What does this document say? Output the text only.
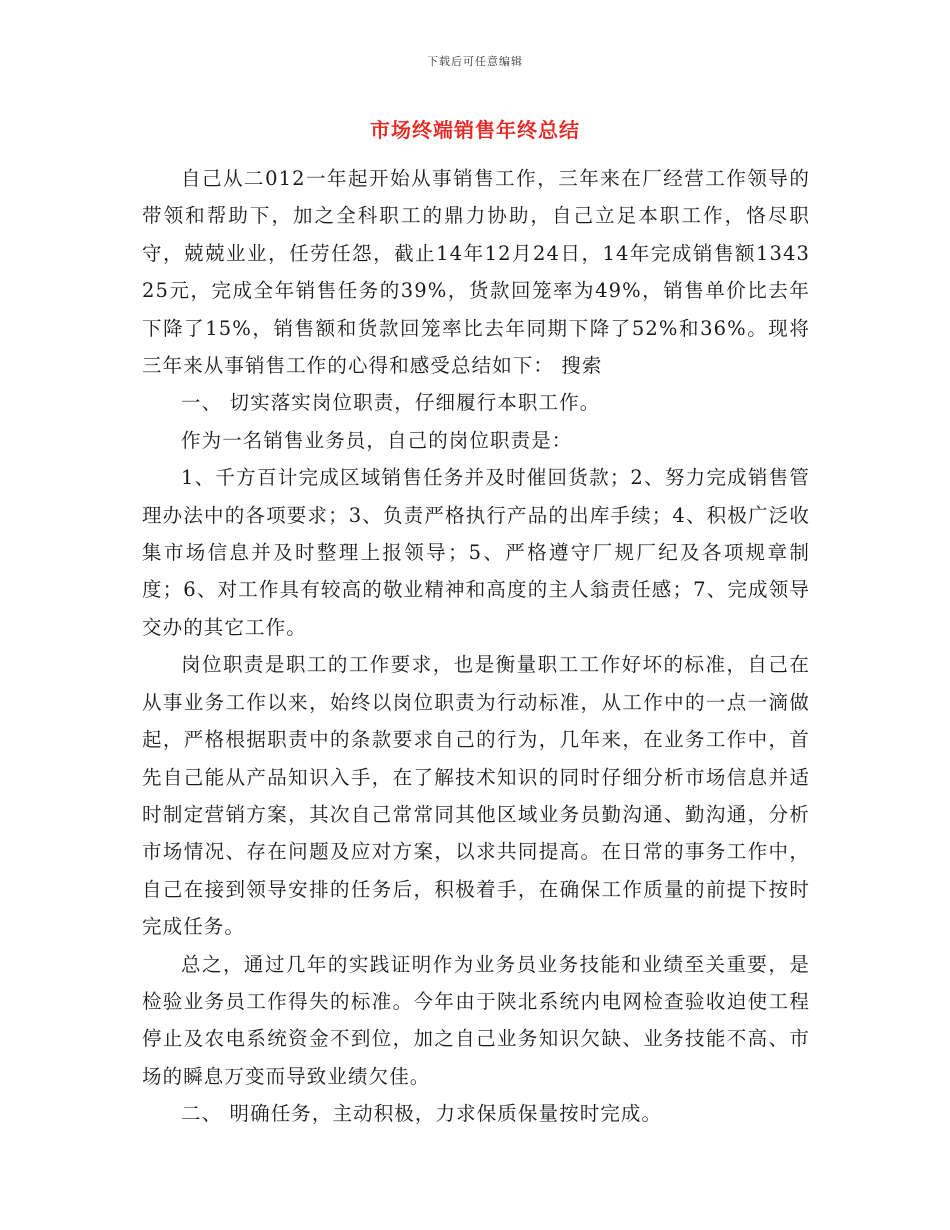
下载后可任意编辑
市场终端销售年终总结

自己从二012一年起开始从事销售工作，三年来在厂经营工作领导的带领和帮助下，加之全科职工的鼎力协助，自己立足本职工作，恪尽职守，兢兢业业，任劳任怨，截止14年12月24日，14年完成销售额134325元，完成全年销售任务的39%，货款回笼率为49%，销售单价比去年下降了15%，销售额和货款回笼率比去年同期下降了52%和36%。现将三年来从事销售工作的心得和感受总结如下： 搜索

一、 切实落实岗位职责，仔细履行本职工作。

作为一名销售业务员，自己的岗位职责是：

1、千方百计完成区域销售任务并及时催回货款；2、努力完成销售管理办法中的各项要求；3、负责严格执行产品的出库手续；4、积极广泛收集市场信息并及时整理上报领导；5、严格遵守厂规厂纪及各项规章制度；6、对工作具有较高的敬业精神和高度的主人翁责任感；7、完成领导交办的其它工作。

岗位职责是职工的工作要求，也是衡量职工工作好坏的标准，自己在从事业务工作以来，始终以岗位职责为行动标准，从工作中的一点一滴做起，严格根据职责中的条款要求自己的行为，几年来，在业务工作中，首先自己能从产品知识入手，在了解技术知识的同时仔细分析市场信息并适时制定营销方案，其次自己常常同其他区域业务员勤沟通、勤沟通，分析市场情况、存在问题及应对方案，以求共同提高。在日常的事务工作中，自己在接到领导安排的任务后，积极着手，在确保工作质量的前提下按时完成任务。

总之，通过几年的实践证明作为业务员业务技能和业绩至关重要，是检验业务员工作得失的标准。今年由于陕北系统内电网检查验收迫使工程停止及农电系统资金不到位，加之自己业务知识欠缺、业务技能不高、市场的瞬息万变而导致业绩欠佳。

二、 明确任务，主动积极，力求保质保量按时完成。
